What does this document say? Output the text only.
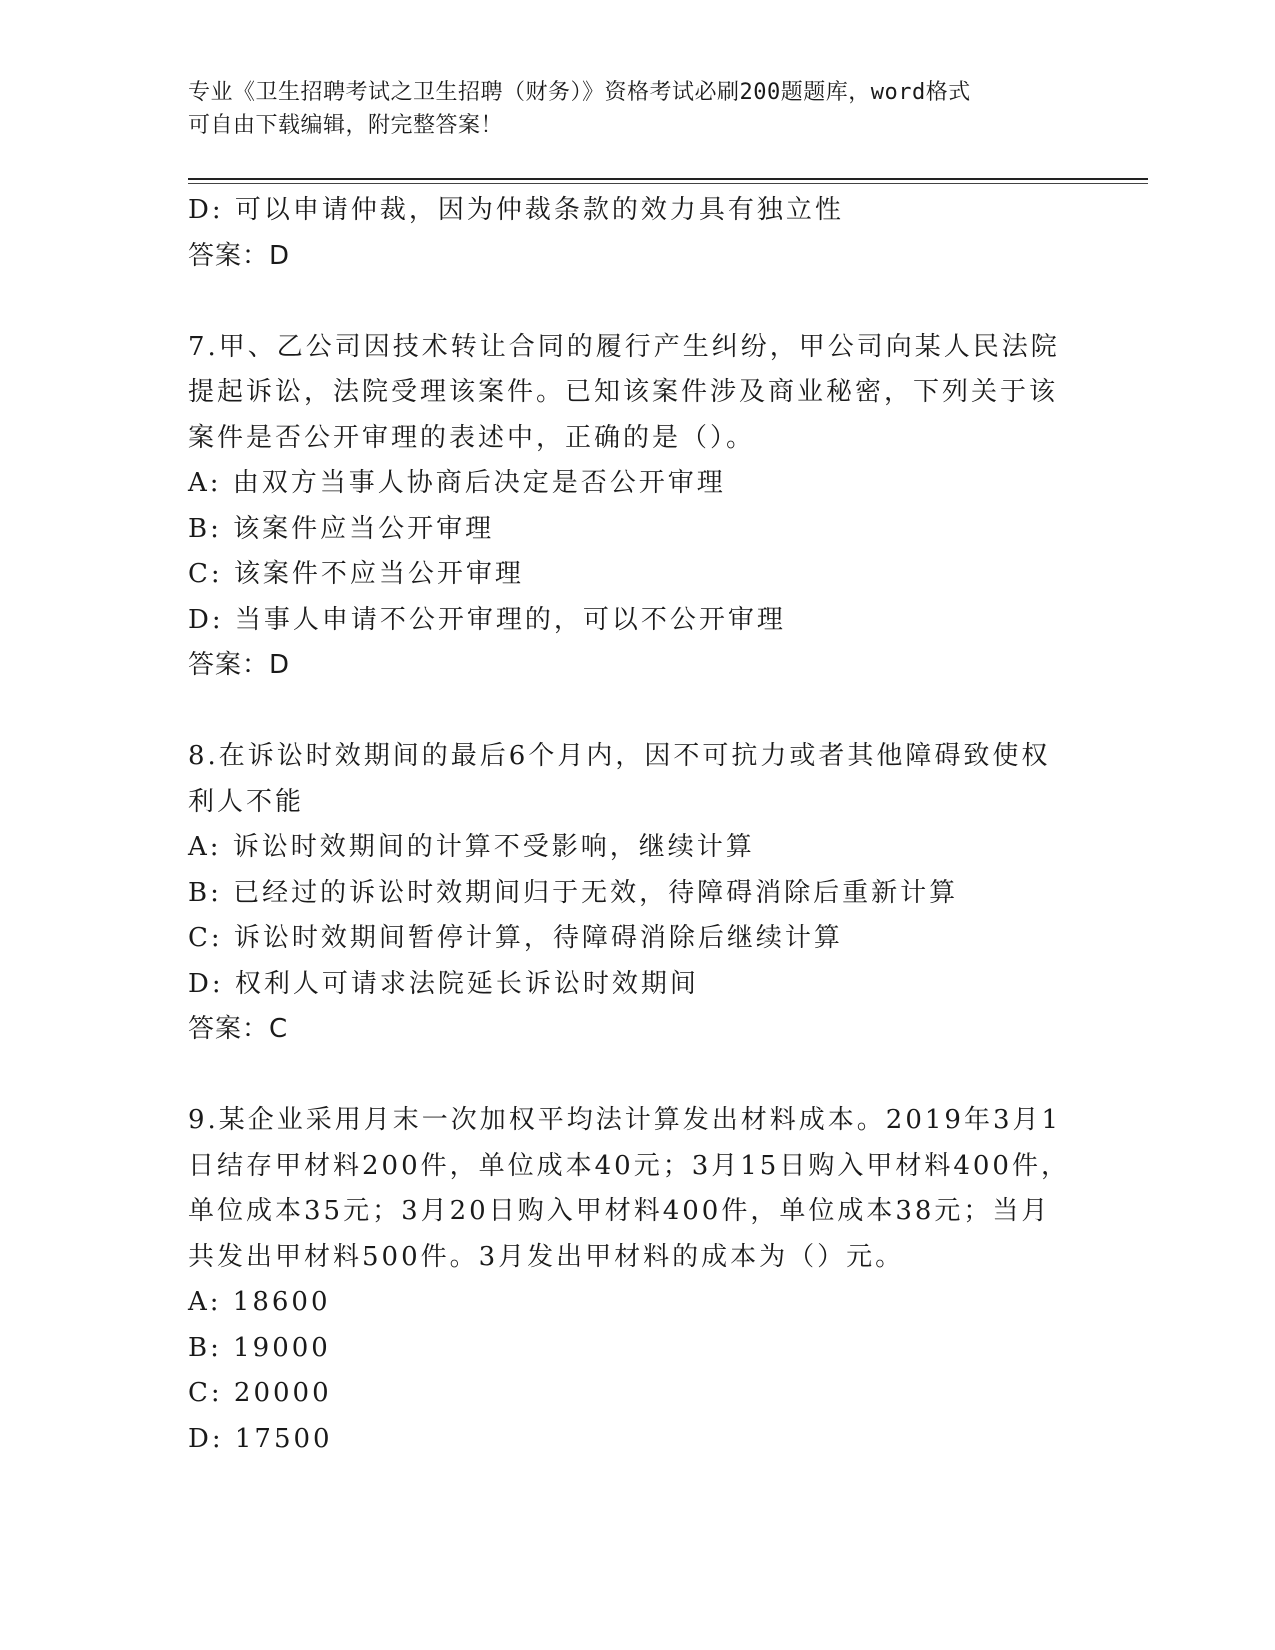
专业《卫生招聘考试之卫生招聘（财务）》资格考试必刷200题题库，word格式
可自由下载编辑，附完整答案！
D: 可以申请仲裁，因为仲裁条款的效力具有独立性
答案：D
7.甲、乙公司因技术转让合同的履行产生纠纷，甲公司向某人民法院
提起诉讼，法院受理该案件。已知该案件涉及商业秘密，下列关于该
案件是否公开审理的表述中，正确的是（）。
A: 由双方当事人协商后决定是否公开审理
B: 该案件应当公开审理
C: 该案件不应当公开审理
D: 当事人申请不公开审理的，可以不公开审理
答案：D
8.在诉讼时效期间的最后6个月内，因不可抗力或者其他障碍致使权
利人不能
A: 诉讼时效期间的计算不受影响，继续计算
B: 已经过的诉讼时效期间归于无效，待障碍消除后重新计算
C: 诉讼时效期间暂停计算，待障碍消除后继续计算
D: 权利人可请求法院延长诉讼时效期间
答案：C
9.某企业采用月末一次加权平均法计算发出材料成本。2019年3月1
日结存甲材料200件，单位成本40元；3月15日购入甲材料400件，
单位成本35元；3月20日购入甲材料400件，单位成本38元；当月
共发出甲材料500件。3月发出甲材料的成本为（）元。
A: 18600
B: 19000
C: 20000
D: 17500
